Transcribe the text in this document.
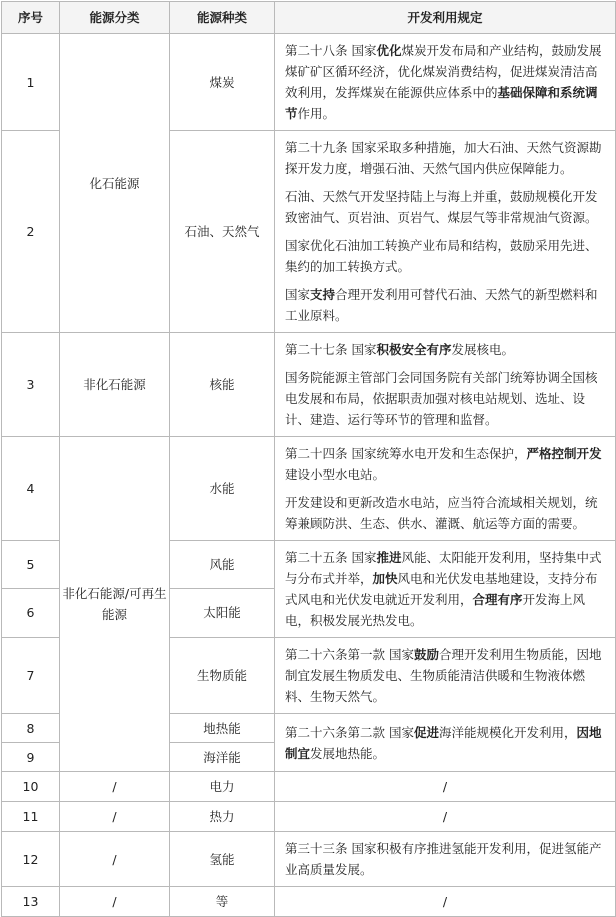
序号	能源分类	能源种类	开发利用规定
1	化石能源	煤炭	第二十八条 国家优化煤炭开发布局和产业结构，鼓励发展煤矿矿区循环经济，优化煤炭消费结构，促进煤炭清洁高效利用，发挥煤炭在能源供应体系中的基础保障和系统调节作用。

2		石油、天然气	第二十九条 国家采取多种措施，加大石油、天然气资源勘探开发力度，增强石油、天然气国内供应保障能力。

石油、天然气开发坚持陆上与海上并重，鼓励规模化开发致密油气、页岩油、页岩气、煤层气等非常规油气资源。

国家优化石油加工转换产业布局和结构，鼓励采用先进、集约的加工转换方式。

国家支持合理开发利用可替代石油、天然气的新型燃料和工业原料。

3	非化石能源	核能	第二十七条 国家积极安全有序发展核电。

国务院能源主管部门会同国务院有关部门统筹协调全国核电发展和布局，依据职责加强对核电站规划、选址、设计、建造、运行等环节的管理和监督。

4	非化石能源/可再生能源	水能	第二十四条 国家统筹水电开发和生态保护，严格控制开发建设小型水电站。

开发建设和更新改造水电站，应当符合流域相关规划，统筹兼顾防洪、生态、供水、灌溉、航运等方面的需要。

5		风能	第二十五条 国家推进风能、太阳能开发利用，坚持集中式与分布式并举，加快风电和光伏发电基地建设，支持分布式风电和光伏发电就近开发利用，合理有序开发海上风电，积极发展光热发电。

6		太阳能	
7		生物质能	第二十六条第一款 国家鼓励合理开发利用生物质能，因地制宜发展生物质发电、生物质能清洁供暖和生物液体燃料、生物天然气。

8		地热能	第二十六条第二款 国家促进海洋能规模化开发利用，因地制宜发展地热能。

9		海洋能	
10	/	电力	/
11	/	热力	/
12	/	氢能	第三十三条 国家积极有序推进氢能开发利用，促进氢能产业高质量发展。

13	/	等	/
